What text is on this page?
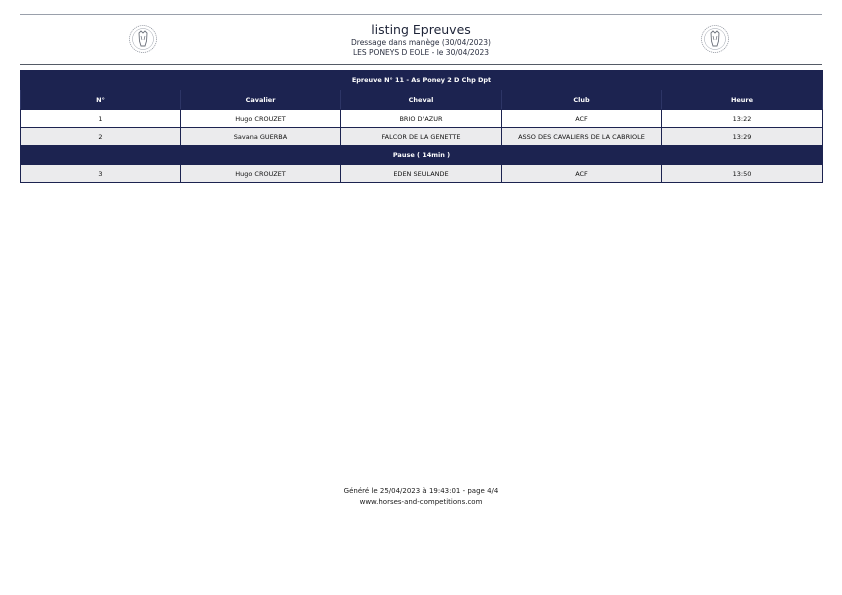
listing Epreuves
Dressage dans manège (30/04/2023)
LES PONEYS D EOLE - le 30/04/2023
Epreuve N° 11 - As Poney 2 D Chp Dpt				
N°	Cavalier	Cheval	Club	Heure
1	Hugo CROUZET	BRIO D'AZUR	ACF	13:22
2	Savana GUERBA	FALCOR DE LA GENETTE	ASSO DES CAVALIERS DE LA CABRIOLE	13:29
Pause ( 14min )				
3	Hugo CROUZET	EDEN SEULANDE	ACF	13:50
Généré le 25/04/2023 à 19:43:01 - page 4/4
www.horses-and-competitions.com
